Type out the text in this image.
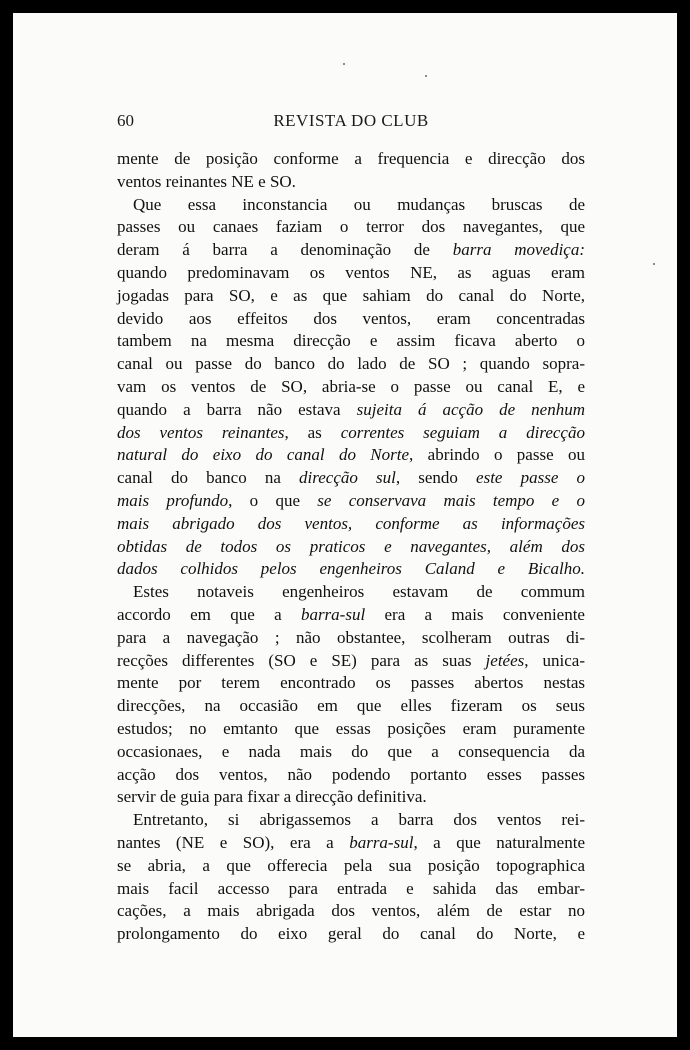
60	REVISTA DO CLUB
mente de posição conforme a frequencia e direcção dos
ventos reinantes NE e SO.
Que essa inconstancia ou mudanças bruscas de
passes ou canaes faziam o terror dos navegantes, que
deram á barra a denominação de barra movediça:
quando predominavam os ventos NE, as aguas eram
jogadas para SO, e as que sahiam do canal do Norte,
devido aos effeitos dos ventos, eram concentradas
tambem na mesma direcção e assim ficava aberto o
canal ou passe do banco do lado de SO ; quando sopra-
vam os ventos de SO, abria-se o passe ou canal E, e
quando a barra não estava sujeita á acção de nenhum
dos ventos reinantes, as correntes seguiam a direcção
natural do eixo do canal do Norte, abrindo o passe ou
canal do banco na direcção sul, sendo este passe o
mais profundo, o que se conservava mais tempo e o
mais abrigado dos ventos, conforme as informações
obtidas de todos os praticos e navegantes, além dos
dados colhidos pelos engenheiros Caland e Bicalho.
Estes notaveis engenheiros estavam de commum
accordo em que a barra-sul era a mais conveniente
para a navegação ; não obstantee, scolheram outras di-
recções differentes (SO e SE) para as suas jetées, unica-
mente por terem encontrado os passes abertos nestas
direcções, na occasião em que elles fizeram os seus
estudos; no emtanto que essas posições eram puramente
occasionaes, e nada mais do que a consequencia da
acção dos ventos, não podendo portanto esses passes
servir de guia para fixar a direcção definitiva.
Entretanto, si abrigassemos a barra dos ventos rei-
nantes (NE e SO), era a barra-sul, a que naturalmente
se abria, a que offerecia pela sua posição topographica
mais facil accesso para entrada e sahida das embar-
cações, a mais abrigada dos ventos, além de estar no
prolongamento do eixo geral do canal do Norte, e
